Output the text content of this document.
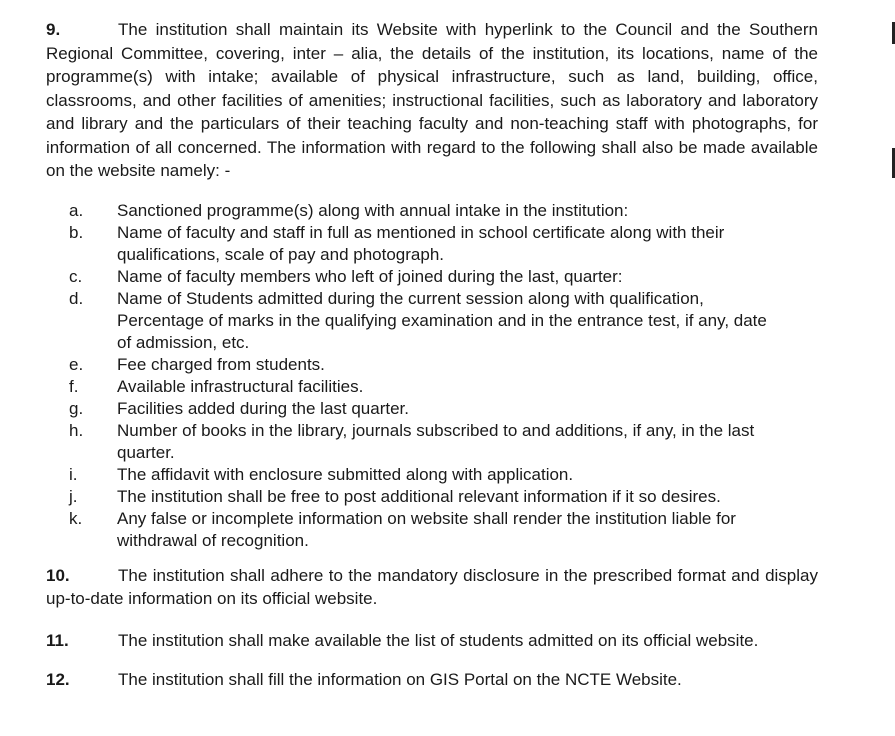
9.	The institution shall maintain its Website with hyperlink to the Council and the Southern Regional Committee, covering, inter – alia, the details of the institution, its locations, name of the programme(s) with intake; available of physical infrastructure, such as land, building, office, classrooms, and other facilities of amenities; instructional facilities, such as laboratory and laboratory and library and the particulars of their teaching faculty and non-teaching staff with photographs, for information of all concerned. The information with regard to the following shall also be made available on the website namely: -

a.	Sanctioned programme(s) along with annual intake in the institution:
b.	Name of faculty and staff in full as mentioned in school certificate along with their qualifications, scale of pay and photograph.
c.	Name of faculty members who left of joined during the last, quarter:
d.	Name of Students admitted during the current session along with qualification, Percentage of marks in the qualifying examination and in the entrance test, if any, date of admission, etc.
e.	Fee charged from students.
f.	Available infrastructural facilities.
g.	Facilities added during the last quarter.
h.	Number of books in the library, journals subscribed to and additions, if any, in the last quarter.
i.	The affidavit with enclosure submitted along with application.
j.	The institution shall be free to post additional relevant information if it so desires.
k.	Any false or incomplete information on website shall render the institution liable for withdrawal of recognition.

10.	The institution shall adhere to the mandatory disclosure in the prescribed format and display up-to-date information on its official website.

11.	The institution shall make available the list of students admitted on its official website.

12.	The institution shall fill the information on GIS Portal on the NCTE Website.
